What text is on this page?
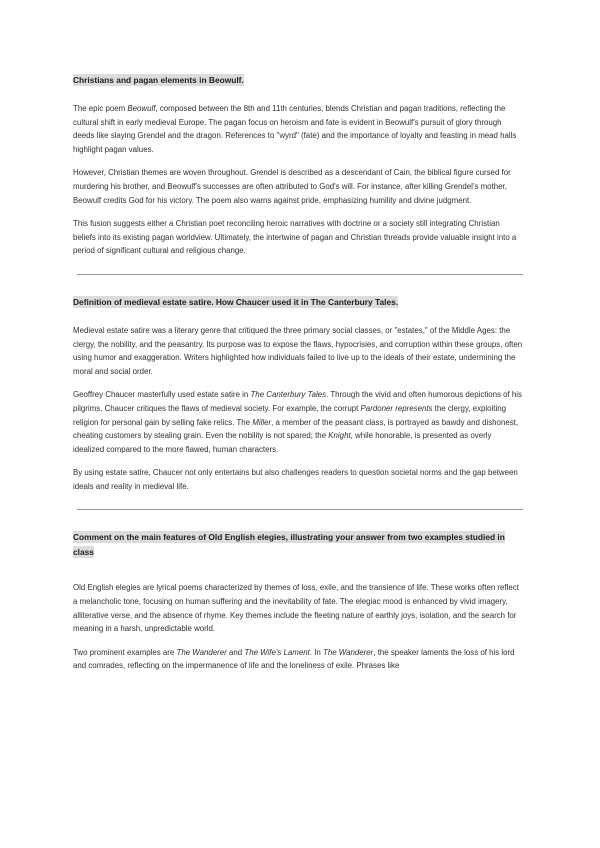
Christians and pagan elements in Beowulf.

The epic poem Beowulf, composed between the 8th and 11th centuries, blends Christian and pagan traditions, reflecting the cultural shift in early medieval Europe. The pagan focus on heroism and fate is evident in Beowulf's pursuit of glory through deeds like slaying Grendel and the dragon. References to "wyrd" (fate) and the importance of loyalty and feasting in mead halls highlight pagan values.

However, Christian themes are woven throughout. Grendel is described as a descendant of Cain, the biblical figure cursed for murdering his brother, and Beowulf's successes are often attributed to God's will. For instance, after killing Grendel's mother, Beowulf credits God for his victory. The poem also warns against pride, emphasizing humility and divine judgment.

This fusion suggests either a Christian poet reconciling heroic narratives with doctrine or a society still integrating Christian beliefs into its existing pagan worldview. Ultimately, the intertwine of pagan and Christian threads provide valuable insight into a period of significant cultural and religious change.

Definition of medieval estate satire. How Chaucer used it in The Canterbury Tales.

Medieval estate satire was a literary genre that critiqued the three primary social classes, or "estates," of the Middle Ages: the clergy, the nobility, and the peasantry. Its purpose was to expose the flaws, hypocrisies, and corruption within these groups, often using humor and exaggeration. Writers highlighted how individuals failed to live up to the ideals of their estate, undermining the moral and social order.

Geoffrey Chaucer masterfully used estate satire in The Canterbury Tales. Through the vivid and often humorous depictions of his pilgrims, Chaucer critiques the flaws of medieval society. For example, the corrupt Pardoner represents the clergy, exploiting religion for personal gain by selling fake relics. The Miller, a member of the peasant class, is portrayed as bawdy and dishonest, cheating customers by stealing grain. Even the nobility is not spared; the Knight, while honorable, is presented as overly idealized compared to the more flawed, human characters.

By using estate satire, Chaucer not only entertains but also challenges readers to question societal norms and the gap between ideals and reality in medieval life.

Comment on the main features of Old English elegies, illustrating your answer from two examples studied in class

Old English elegies are lyrical poems characterized by themes of loss, exile, and the transience of life. These works often reflect a melancholic tone, focusing on human suffering and the inevitability of fate. The elegiac mood is enhanced by vivid imagery, alliterative verse, and the absence of rhyme. Key themes include the fleeting nature of earthly joys, isolation, and the search for meaning in a harsh, unpredictable world.

Two prominent examples are The Wanderer and The Wife's Lament. In The Wanderer, the speaker laments the loss of his lord and comrades, reflecting on the impermanence of life and the loneliness of exile. Phrases like
